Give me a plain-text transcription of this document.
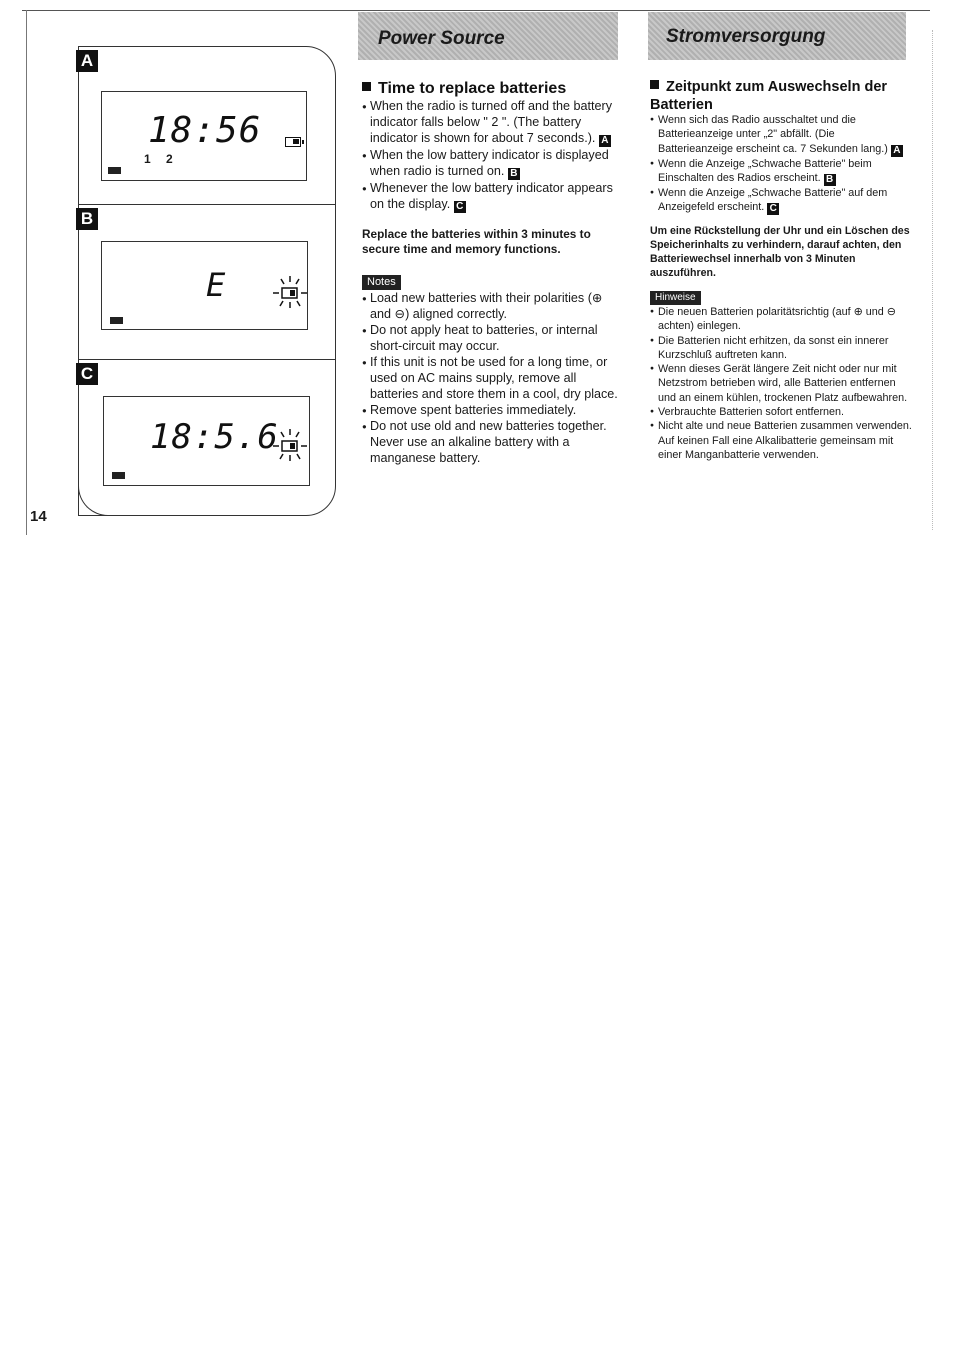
A
18:56
1 2
B
E
C
18:5.6
Power Source	Stromversorgung
Time to replace batteries
● When the radio is turned off and the battery indicator falls below " 2 ". (The battery indicator is shown for about 7 seconds.). A
● When the low battery indicator is displayed when radio is turned on. B
● Whenever the low battery indicator appears on the display. C
Replace the batteries within 3 minutes to secure time and memory functions.
Notes
● Load new batteries with their polarities (⊕ and ⊖) aligned correctly.
● Do not apply heat to batteries, or internal short-circuit may occur.
● If this unit is not be used for a long time, or used on AC mains supply, remove all batteries and store them in a cool, dry place.
● Remove spent batteries immediately.
● Do not use old and new batteries together. Never use an alkaline battery with a manganese battery.
Zeitpunkt zum Auswechseln der Batterien
● Wenn sich das Radio ausschaltet und die Batterieanzeige unter „2" abfällt. (Die Batterieanzeige erscheint ca. 7 Sekunden lang.) A
● Wenn die Anzeige „Schwache Batterie" beim Einschalten des Radios erscheint. B
● Wenn die Anzeige „Schwache Batterie" auf dem Anzeigefeld erscheint. C
Um eine Rückstellung der Uhr und ein Löschen des Speicherinhalts zu verhindern, darauf achten, den Batteriewechsel innerhalb von 3 Minuten auszuführen.
Hinweise
● Die neuen Batterien polaritätsrichtig (auf ⊕ und ⊖ achten) einlegen.
● Die Batterien nicht erhitzen, da sonst ein innerer Kurzschluß auftreten kann.
● Wenn dieses Gerät längere Zeit nicht oder nur mit Netzstrom betrieben wird, alle Batterien entfernen und an einem kühlen, trockenen Platz aufbewahren.
● Verbrauchte Batterien sofort entfernen.
● Nicht alte und neue Batterien zusammen verwenden. Auf keinen Fall eine Alkalibatterie gemeinsam mit einer Manganbatterie verwenden.
14
